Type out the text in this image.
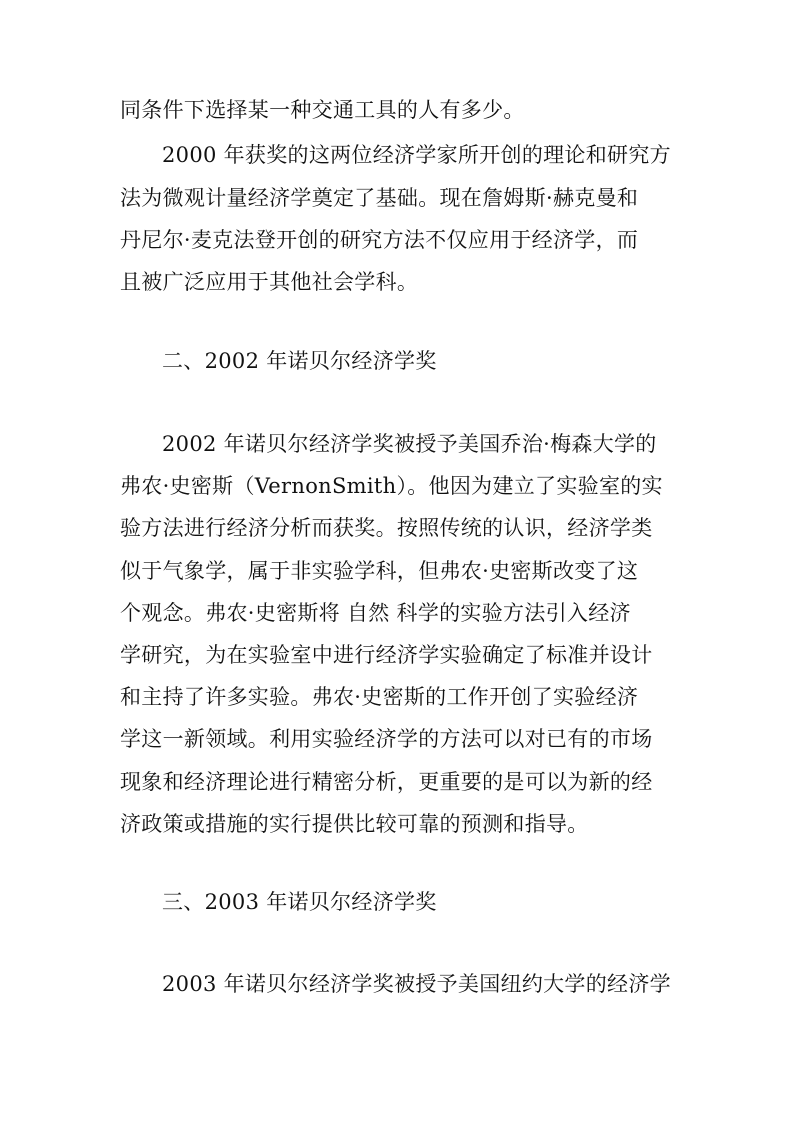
同条件下选择某一种交通工具的人有多少。
2000 年获奖的这两位经济学家所开创的理论和研究方
法为微观计量经济学奠定了基础。现在詹姆斯·赫克曼和
丹尼尔·麦克法登开创的研究方法不仅应用于经济学，而
且被广泛应用于其他社会学科。
二、2002 年诺贝尔经济学奖
2002 年诺贝尔经济学奖被授予美国乔治·梅森大学的
弗农·史密斯（VernonSmith）。他因为建立了实验室的实
验方法进行经济分析而获奖。按照传统的认识，经济学类
似于气象学，属于非实验学科，但弗农·史密斯改变了这
个观念。弗农·史密斯将 自然 科学的实验方法引入经济
学研究，为在实验室中进行经济学实验确定了标准并设计
和主持了许多实验。弗农·史密斯的工作开创了实验经济
学这一新领域。利用实验经济学的方法可以对已有的市场
现象和经济理论进行精密分析，更重要的是可以为新的经
济政策或措施的实行提供比较可靠的预测和指导。
三、2003 年诺贝尔经济学奖
2003 年诺贝尔经济学奖被授予美国纽约大学的经济学
